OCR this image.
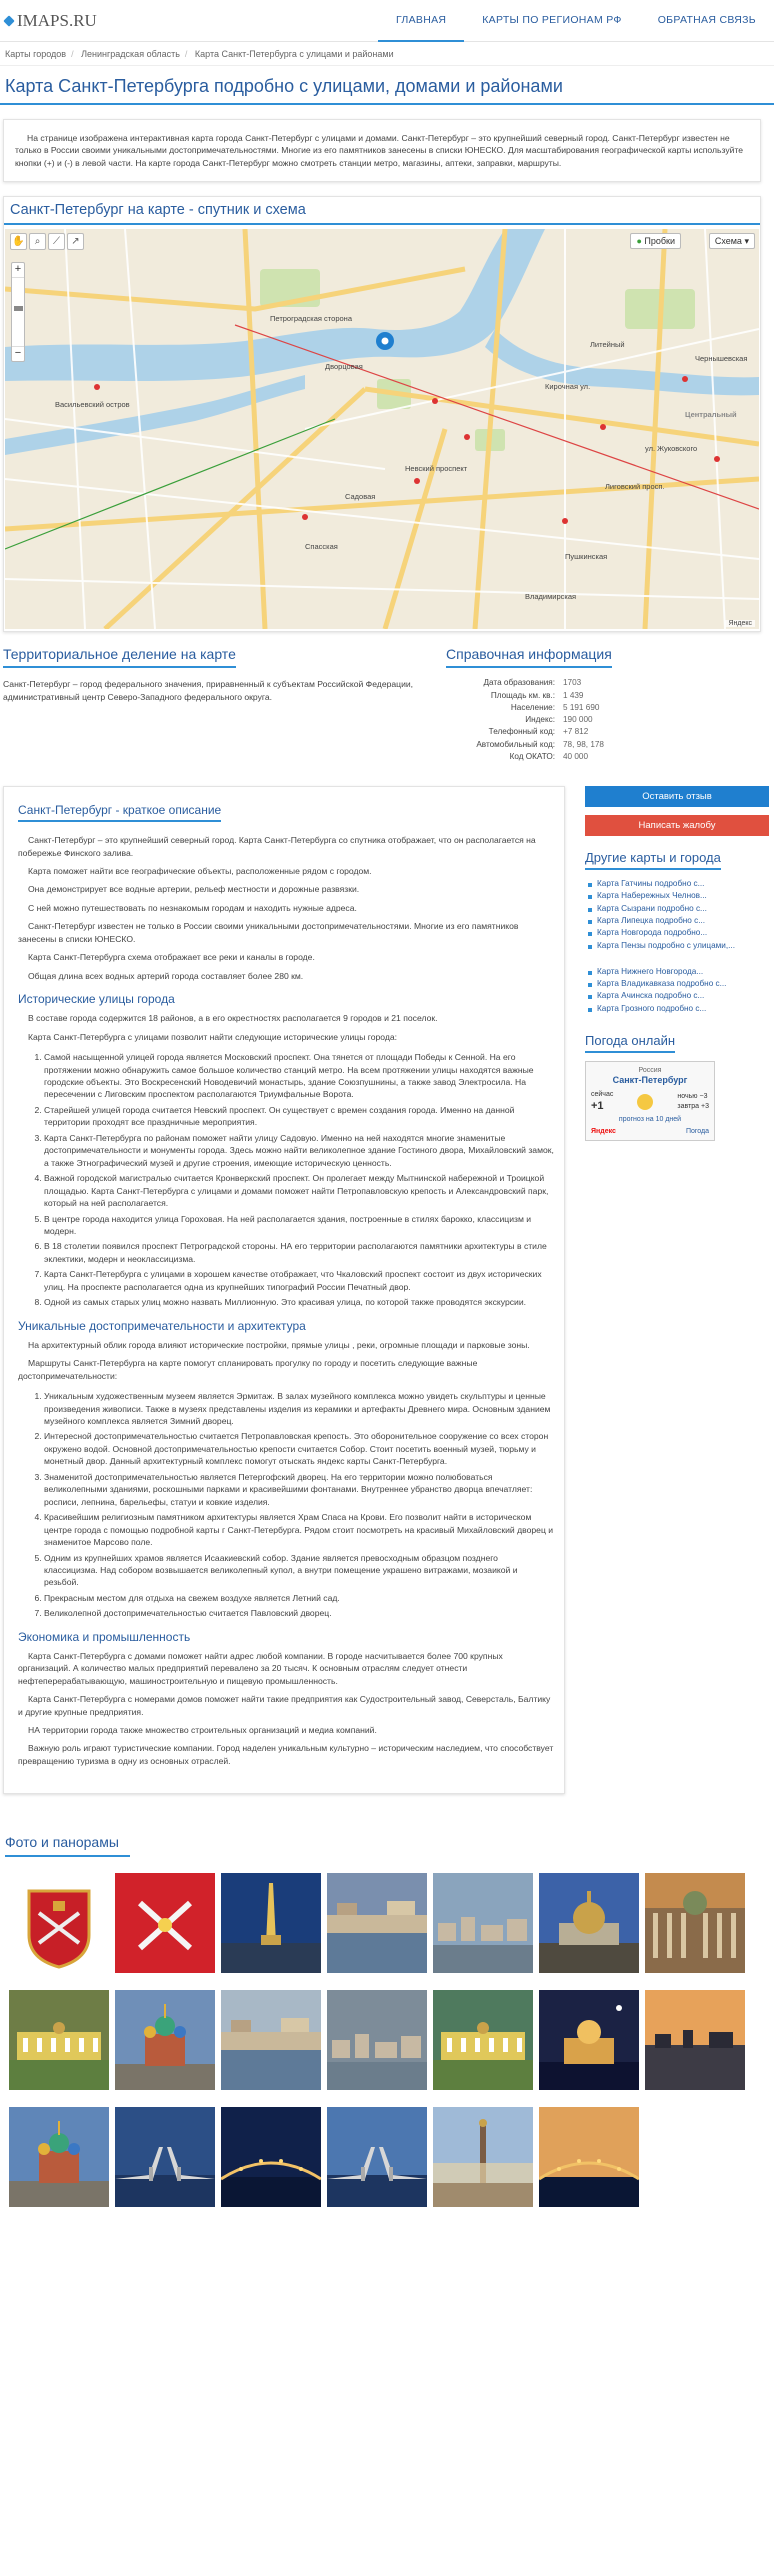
IMAPS.RU	ГЛАВНАЯ	КАРТЫ ПО РЕГИОНАМ РФ	ОБРАТНАЯ СВЯЗЬ
Карты городов / Ленинградская область / Карта Санкт-Петербурга с улицами и районами
Карта Санкт-Петербурга подробно с улицами, домами и районами
На странице изображена интерактивная карта города Санкт-Петербург с улицами и домами. Санкт-Петербург – это крупнейший северный город. Санкт-Петербург известен не только в России своими уникальными достопримечательностями. Многие из его памятников занесены в списки ЮНЕСКО. Для масштабирования географической карты используйте кнопки (+) и (-) в левой части. На карте города Санкт-Петербург можно смотреть станции метро, магазины, аптеки, заправки, маршруты.
Санкт-Петербург на карте - спутник и схема
Васильевский остров
Петроградская сторона
Литейный
Невский проспект
Центральный
ул. Жуковского
Дворцовая
Садовая
Спасская
Пушкинская
Чернышевская
Владимирская
Лиговский просп.
Кирочная ул.
✋ ⌕	⟋	↗
+
−
● Пробки	Схема ▾
Яндекс
Территориальное деление на карте

Санкт-Петербург – город федерального значения, приравненный к субъектам Российской Федерации, административный центр Северо-Западного федерального округа.

Справочная информация
Дата образования:	1703
Площадь км. кв.:	1 439
Население:	5 191 690
Индекс:	190 000
Телефонный код:	+7 812
Автомобильный код:	78, 98, 178
Код ОКАТО:	40 000
Санкт-Петербург - краткое описание

Санкт-Петербург – это крупнейший северный город. Карта Санкт-Петербурга со спутника отображает, что он располагается на побережье Финского залива.

Карта поможет найти все географические объекты, расположенные рядом с городом.

Она демонстрирует все водные артерии, рельеф местности и дорожные развязки.

С ней можно путешествовать по незнакомым городам и находить нужные адреса.

Санкт-Петербург известен не только в России своими уникальными достопримечательностями. Многие из его памятников занесены в списки ЮНЕСКО.

Карта Санкт-Петербурга схема отображает все реки и каналы в городе.

Общая длина всех водных артерий города составляет более 280 км.

Исторические улицы города

В составе города содержится 18 районов, а в его окрестностях располагается 9 городов и 21 поселок.

Карта Санкт-Петербурга с улицами позволит найти следующие исторические улицы города:

1. Самой насыщенной улицей города является Московский проспект. Она тянется от площади Победы к Сенной. На его протяжении можно обнаружить самое большое количество станций метро. На всем протяжении улицы находятся важные городские объекты. Это Воскресенский Новодевичий монастырь, здание Союзпушнины, а также завод Электросила. На пересечении с Лиговским проспектом располагаются Триумфальные Ворота.
2. Старейшей улицей города считается Невский проспект. Он существует с времен создания города. Именно на данной территории проходят все праздничные мероприятия.
3. Карта Санкт-Петербурга по районам поможет найти улицу Садовую. Именно на ней находятся многие знаменитые достопримечательности и монументы города. Здесь можно найти великолепное здание Гостиного двора, Михайловский замок, а также Этнографический музей и другие строения, имеющие историческую ценность.
4. Важной городской магистралью считается Кронверкский проспект. Он пролегает между Мытнинской набережной и Троицкой площадью. Карта Санкт-Петербурга с улицами и домами поможет найти Петропавловскую крепость и Александровский парк, который на ней располагается.
5. В центре города находится улица Гороховая. На ней располагается здания, построенные в стилях барокко, классицизм и модерн.
6. В 18 столетии появился проспект Петроградской стороны. НА его территории располагаются памятники архитектуры в стиле эклектики, модерн и неоклассицизма.
7. Карта Санкт-Петербурга с улицами в хорошем качестве отображает, что Чкаловский проспект состоит из двух исторических улиц. На проспекте располагается одна из крупнейших типографий России Печатный двор.
8. Одной из самых старых улиц можно назвать Миллионную. Это красивая улица, по которой также проводятся экскурсии.
Уникальные достопримечательности и архитектура

На архитектурный облик города влияют исторические постройки, прямые улицы , реки, огромные площади и парковые зоны.

Маршруты Санкт-Петербурга на карте помогут спланировать прогулку по городу и посетить следующие важные достопримечательности:

1. Уникальным художественным музеем является Эрмитаж. В залах музейного комплекса можно увидеть скульптуры и ценные произведения живописи. Также в музеях представлены изделия из керамики и артефакты Древнего мира. Основным зданием музейного комплекса является Зимний дворец.
2. Интересной достопримечательностью считается Петропавловская крепость. Это оборонительное сооружение со всех сторон окружено водой. Основной достопримечательностью крепости считается Собор. Стоит посетить военный музей, тюрьму и монетный двор. Данный архитектурный комплекс помогут отыскать яндекс карты Санкт-Петербурга.
3. Знаменитой достопримечательностью является Петергофский дворец. На его территории можно полюбоваться великолепными зданиями, роскошными парками и красивейшими фонтанами. Внутреннее убранство дворца впечатляет: росписи, лепнина, барельефы, статуи и ковкие изделия.
4. Красивейшим религиозным памятником архитектуры является Храм Спаса на Крови. Его позволит найти в историческом центре города с помощью подробной карты г Санкт-Петербурга. Рядом стоит посмотреть на красивый Михайловский дворец и знаменитое Марсово поле.
5. Одним из крупнейших храмов является Исаакиевский собор. Здание является превосходным образцом позднего классицизма. Над собором возвышается великолепный купол, а внутри помещение украшено витражами, мозаикой и резьбой.
6. Прекрасным местом для отдыха на свежем воздухе является Летний сад.
7. Великолепной достопримечательностью считается Павловский дворец.
Экономика и промышленность

Карта Санкт-Петербурга с домами поможет найти адрес любой компании. В городе насчитывается более 700 крупных организаций. А количество малых предприятий перевалено за 20 тысяч. К основным отраслям следует отнести нефтеперерабатывающую, машиностроительную и пищевую промышленность.

Карта Санкт-Петербурга с номерами домов поможет найти такие предприятия как Судостроительный завод, Северсталь, Балтику и другие крупные предприятия.

НА территории города также множество строительных организаций и медиа компаний.

Важную роль играют туристические компании. Город наделен уникальным культурно – историческим наследием, что способствует превращению туризма в одну из основных отраслей.

Оставить отзыв
Написать жалобу
Другие карты и города
Карта Гатчины подробно с...
Карта Набережных Челнов...
Карта Сызрани подробно с...
Карта Липецка подробно с...
Карта Новгорода подробно...
Карта Пензы подробно с улицами,...
Карта Нижнего Новгорода...
Карта Владикавказа подробно с...
Карта Ачинска подробно с...
Карта Грозного подробно с...
Погода онлайн
Россия
Санкт-Петербург
сейчас
+1
ночью −3
завтра +3
прогноз на 10 дней
Яндекс	Погода
Фото и панорамы
